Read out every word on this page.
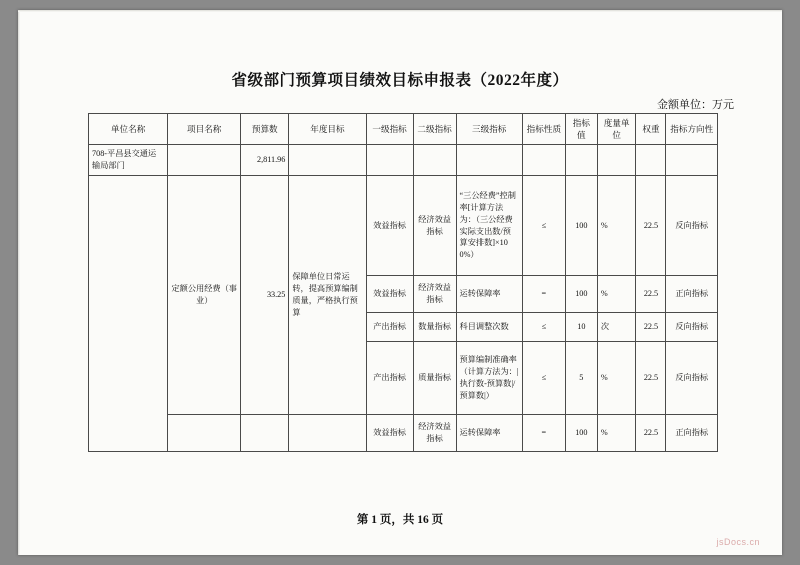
省级部门预算项目绩效目标申报表（2022年度）
金额单位：万元
单位名称	项目名称	预算数	年度目标	一级指标	二级指标	三级指标	指标性质	指标值	度量单位	权重	指标方向性
708-平昌县交通运输局部门		2,811.96									
	定额公用经费（事业）	33.25	保障单位日常运转，提高预算编制质量，严格执行预算	效益指标	经济效益指标	“三公经费”控制率[计算方法为：（三公经费实际支出数/预算安排数]×100%）	≤	100	%	22.5	反向指标
				效益指标	经济效益指标	运转保障率	=	100	%	22.5	正向指标
				产出指标	数量指标	科目调整次数	≤	10	次	22.5	反向指标
				产出指标	质量指标	预算编制准确率（计算方法为：|执行数-预算数|/预算数|）	≤	5	%	22.5	反向指标
				效益指标	经济效益指标	运转保障率	=	100	%	22.5	正向指标
第 1 页，共 16 页
jsDocs.cn
